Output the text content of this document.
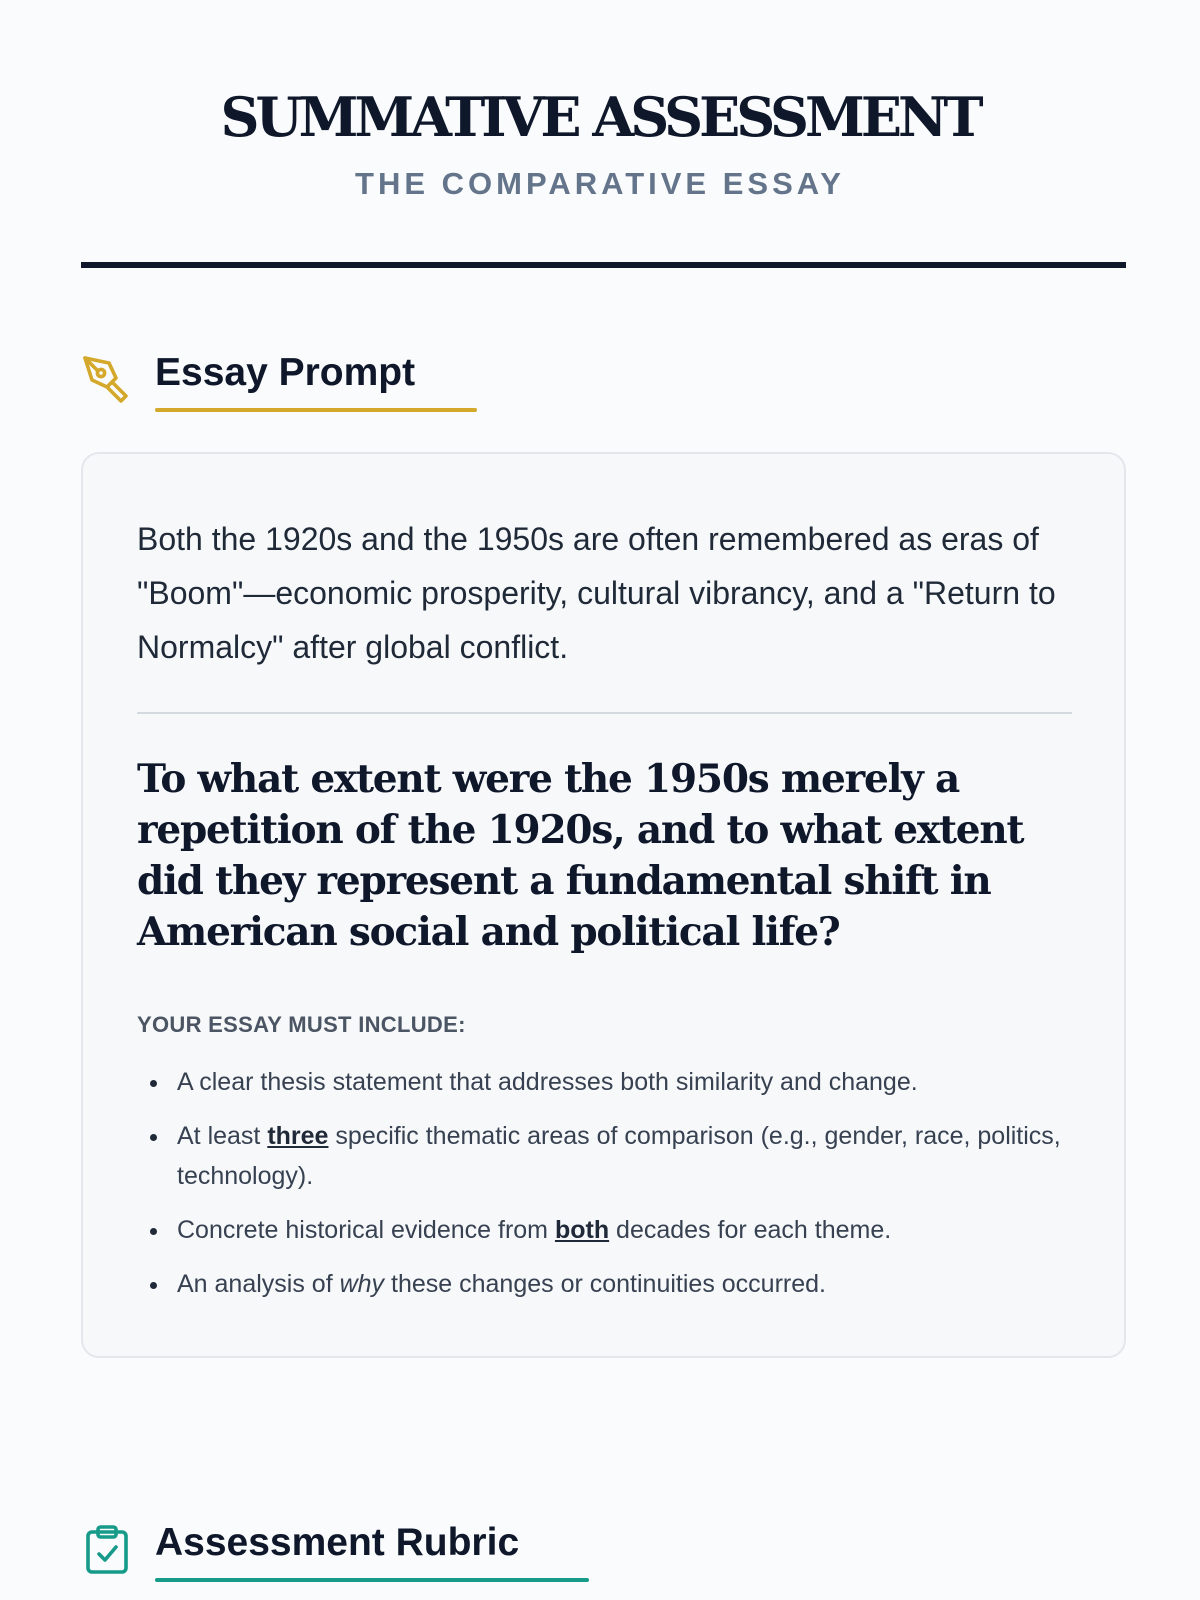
SUMMATIVE ASSESSMENT
THE COMPARATIVE ESSAY
Essay Prompt

Both the 1920s and the 1950s are often remembered as eras of "Boom"—economic prosperity, cultural vibrancy, and a "Return to Normalcy" after global conflict.

To what extent were the 1950s merely a repetition of the 1920s, and to what extent did they represent a fundamental shift in American social and political life?
YOUR ESSAY MUST INCLUDE:
A clear thesis statement that addresses both similarity and change.
At least three specific thematic areas of comparison (e.g., gender, race, politics, technology).
Concrete historical evidence from both decades for each theme.
An analysis of why these changes or continuities occurred.
Assessment Rubric
